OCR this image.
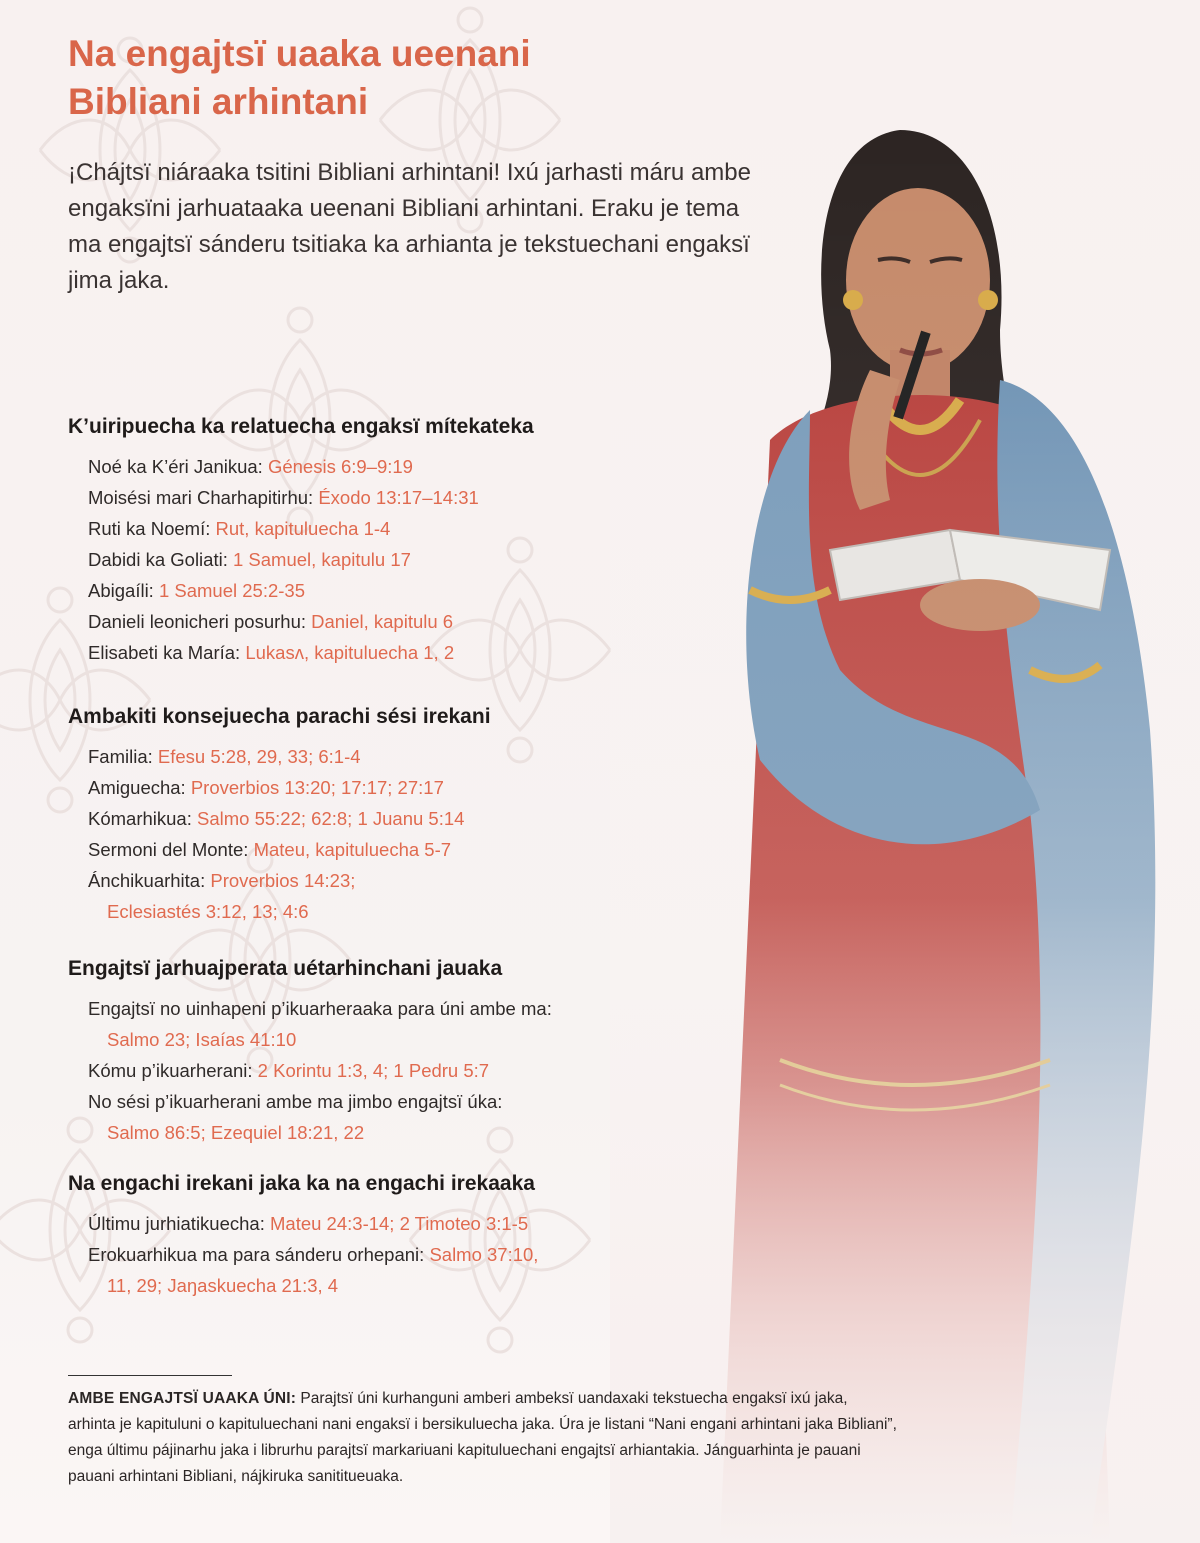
Na engajtsï uaaka ueenani
Bibliani arhintani

¡Chájtsï niáraaka tsitini Bibliani arhintani! Ixú jarhasti máru ambe engaksïni jarhuataaka ueenani Bibliani arhintani. Eraku je tema ma engajtsï sánderu tsitiaka ka arhianta je tekstuechani engaksï jima jaka.

K’uiripuecha ka relatuecha engaksï mítekateka
Noé ka K’éri Janikua: Génesis 6:9–9:19
Moisési mari Charhapitirhu: Éxodo 13:17–14:31
Ruti ka Noemí: Rut, kapituluecha 1-4
Dabidi ka Goliati: 1 Samuel, kapitulu 17
Abigaíli: 1 Samuel 25:2-35
Danieli leonicheri posurhu: Daniel, kapitulu 6
Elisabeti ka María: Lukasʌ, kapituluecha 1, 2
Ambakiti konsejuecha parachi sési irekani
Familia: Efesu 5:28, 29, 33; 6:1-4
Amiguecha: Proverbios 13:20; 17:17; 27:17
Kómarhikua: Salmo 55:22; 62:8; 1 Juanu 5:14
Sermoni del Monte: Mateu, kapituluecha 5-7
Ánchikuarhita: Proverbios 14:23;
Eclesiastés 3:12, 13; 4:6
Engajtsï jarhuajperata uétarhinchani jauaka
Engajtsï no uinhapeni p’ikuarheraaka para úni ambe ma:
Salmo 23; Isaías 41:10
Kómu p’ikuarherani: 2 Korintu 1:3, 4; 1 Pedru 5:7
No sési p’ikuarherani ambe ma jimbo engajtsï úka:
Salmo 86:5; Ezequiel 18:21, 22
Na engachi irekani jaka ka na engachi irekaaka
Últimu jurhiatikuecha: Mateu 24:3-14; 2 Timoteo 3:1-5
Erokuarhikua ma para sánderu orhepani: Salmo 37:10,
11, 29; Jaŋaskuecha 21:3, 4

AMBE ENGAJTSÏ UAAKA ÚNI: Parajtsï úni kurhanguni amberi ambeksï uandaxaki tekstuecha engaksï ixú jaka, arhinta je kapituluni o kapituluechani nani engaksï i bersikuluecha jaka. Úra je listani “Nani engani arhintani jaka Bibliani”, enga últimu pájinarhu jaka i librurhu parajtsï markariuani kapituluechani engajtsï arhiantakia. Jánguarhinta je pauani pauani arhintani Bibliani, nájkiruka sanitituеuaka.
